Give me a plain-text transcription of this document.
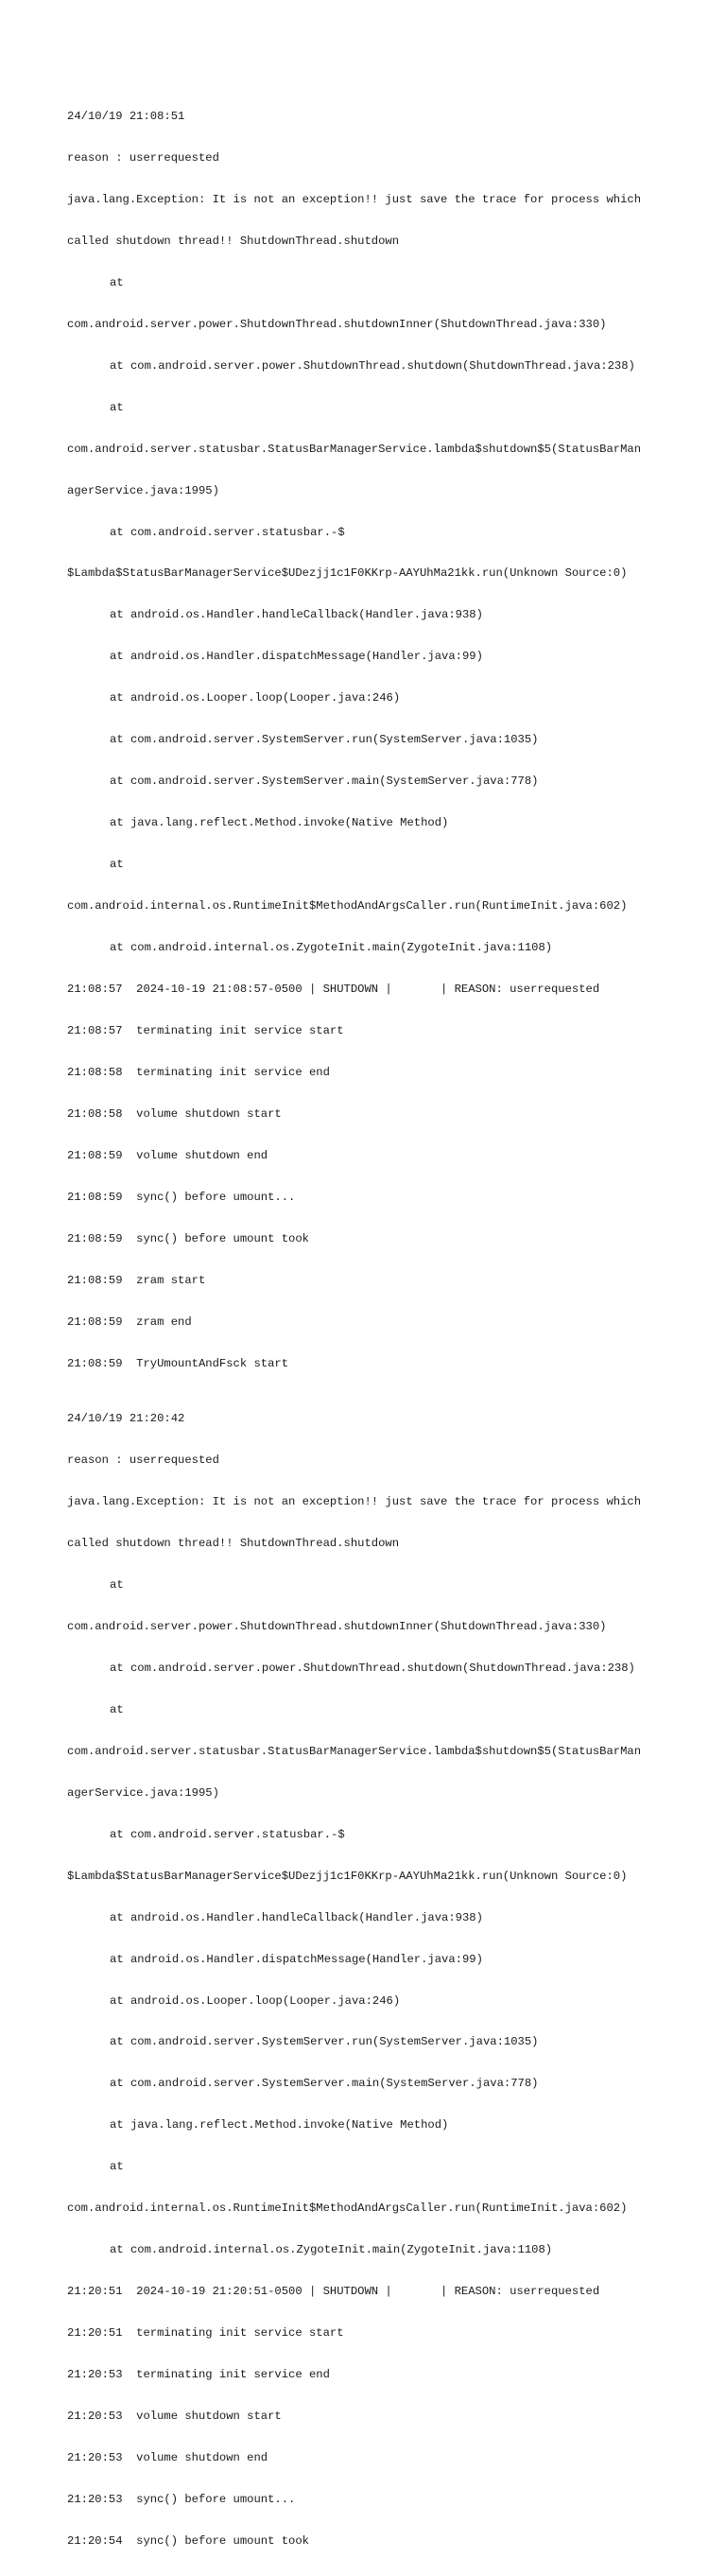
24/10/19 21:08:51

reason : userrequested

java.lang.Exception: It is not an exception!! just save the trace for process which

called shutdown thread!! ShutdownThread.shutdown

at

com.android.server.power.ShutdownThread.shutdownInner(ShutdownThread.java:330)

at com.android.server.power.ShutdownThread.shutdown(ShutdownThread.java:238)

at

com.android.server.statusbar.StatusBarManagerService.lambda$shutdown$5(StatusBarMan

agerService.java:1995)

at com.android.server.statusbar.-$

$Lambda$StatusBarManagerService$UDezjj1c1F0KKrp-AAYUhMa21kk.run(Unknown Source:0)

at android.os.Handler.handleCallback(Handler.java:938)

at android.os.Handler.dispatchMessage(Handler.java:99)

at android.os.Looper.loop(Looper.java:246)

at com.android.server.SystemServer.run(SystemServer.java:1035)

at com.android.server.SystemServer.main(SystemServer.java:778)

at java.lang.reflect.Method.invoke(Native Method)

at

com.android.internal.os.RuntimeInit$MethodAndArgsCaller.run(RuntimeInit.java:602)

at com.android.internal.os.ZygoteInit.main(ZygoteInit.java:1108)

21:08:57  2024-10-19 21:08:57-0500 | SHUTDOWN |       | REASON: userrequested

21:08:57  terminating init service start

21:08:58  terminating init service end

21:08:58  volume shutdown start

21:08:59  volume shutdown end

21:08:59  sync() before umount...

21:08:59  sync() before umount took

21:08:59  zram start

21:08:59  zram end

21:08:59  TryUmountAndFsck start

24/10/19 21:20:42

reason : userrequested

java.lang.Exception: It is not an exception!! just save the trace for process which

called shutdown thread!! ShutdownThread.shutdown

at

com.android.server.power.ShutdownThread.shutdownInner(ShutdownThread.java:330)

at com.android.server.power.ShutdownThread.shutdown(ShutdownThread.java:238)

at

com.android.server.statusbar.StatusBarManagerService.lambda$shutdown$5(StatusBarMan

agerService.java:1995)

at com.android.server.statusbar.-$

$Lambda$StatusBarManagerService$UDezjj1c1F0KKrp-AAYUhMa21kk.run(Unknown Source:0)

at android.os.Handler.handleCallback(Handler.java:938)

at android.os.Handler.dispatchMessage(Handler.java:99)

at android.os.Looper.loop(Looper.java:246)

at com.android.server.SystemServer.run(SystemServer.java:1035)

at com.android.server.SystemServer.main(SystemServer.java:778)

at java.lang.reflect.Method.invoke(Native Method)

at

com.android.internal.os.RuntimeInit$MethodAndArgsCaller.run(RuntimeInit.java:602)

at com.android.internal.os.ZygoteInit.main(ZygoteInit.java:1108)

21:20:51  2024-10-19 21:20:51-0500 | SHUTDOWN |       | REASON: userrequested

21:20:51  terminating init service start

21:20:53  terminating init service end

21:20:53  volume shutdown start

21:20:53  volume shutdown end

21:20:53  sync() before umount...

21:20:54  sync() before umount took
